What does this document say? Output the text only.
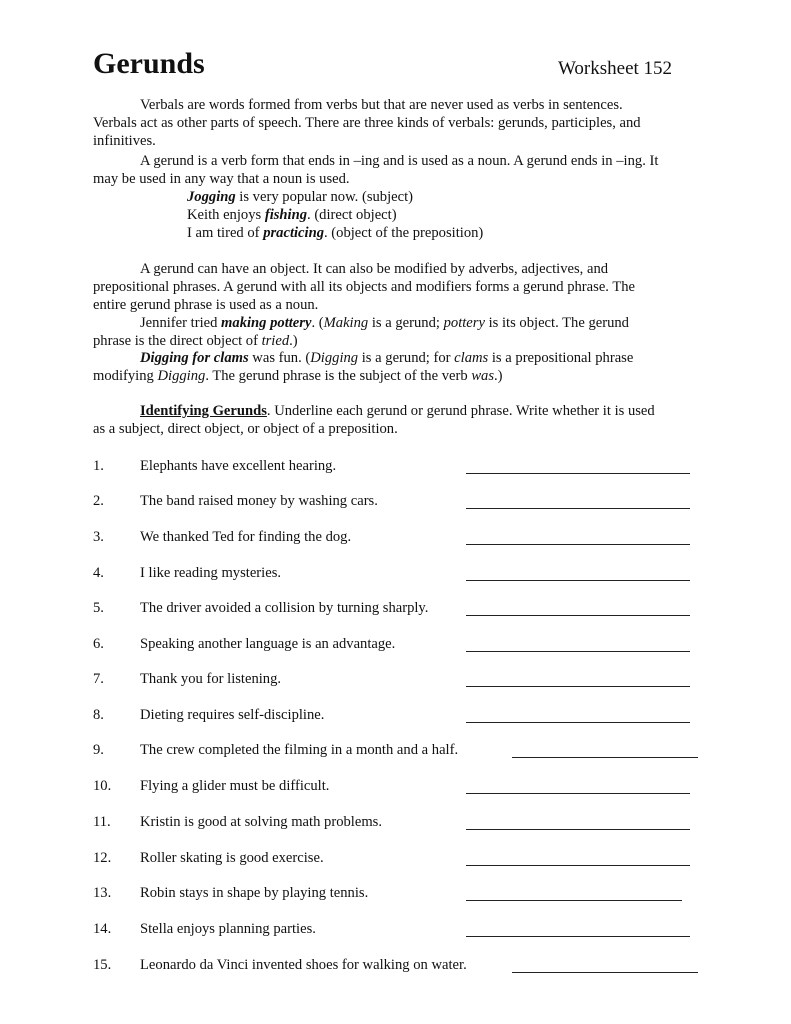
Gerunds	Worksheet 152
Verbals are words formed from verbs but that are never used as verbs in sentences.
Verbals act as other parts of speech. There are three kinds of verbals: gerunds, participles, and
infinitives.
A gerund is a verb form that ends in –ing and is used as a noun. A gerund ends in –ing. It
may be used in any way that a noun is used.
Jogging is very popular now. (subject)
Keith enjoys fishing. (direct object)
I am tired of practicing. (object of the preposition)
A gerund can have an object. It can also be modified by adverbs, adjectives, and
prepositional phrases. A gerund with all its objects and modifiers forms a gerund phrase. The
entire gerund phrase is used as a noun.
Jennifer tried making pottery. (Making is a gerund; pottery is its object. The gerund
phrase is the direct object of tried.)
Digging for clams was fun. (Digging is a gerund; for clams is a prepositional phrase
modifying Digging. The gerund phrase is the subject of the verb was.)
Identifying Gerunds. Underline each gerund or gerund phrase. Write whether it is used
as a subject, direct object, or object of a preposition.
1. Elephants have excellent hearing.
2. The band raised money by washing cars.
3. We thanked Ted for finding the dog.
4. I like reading mysteries.
5. The driver avoided a collision by turning sharply.
6. Speaking another language is an advantage.
7. Thank you for listening.
8. Dieting requires self-discipline.
9. The crew completed the filming in a month and a half.
10. Flying a glider must be difficult.
11. Kristin is good at solving math problems.
12. Roller skating is good exercise.
13. Robin stays in shape by playing tennis.
14. Stella enjoys planning parties.
15. Leonardo da Vinci invented shoes for walking on water.
